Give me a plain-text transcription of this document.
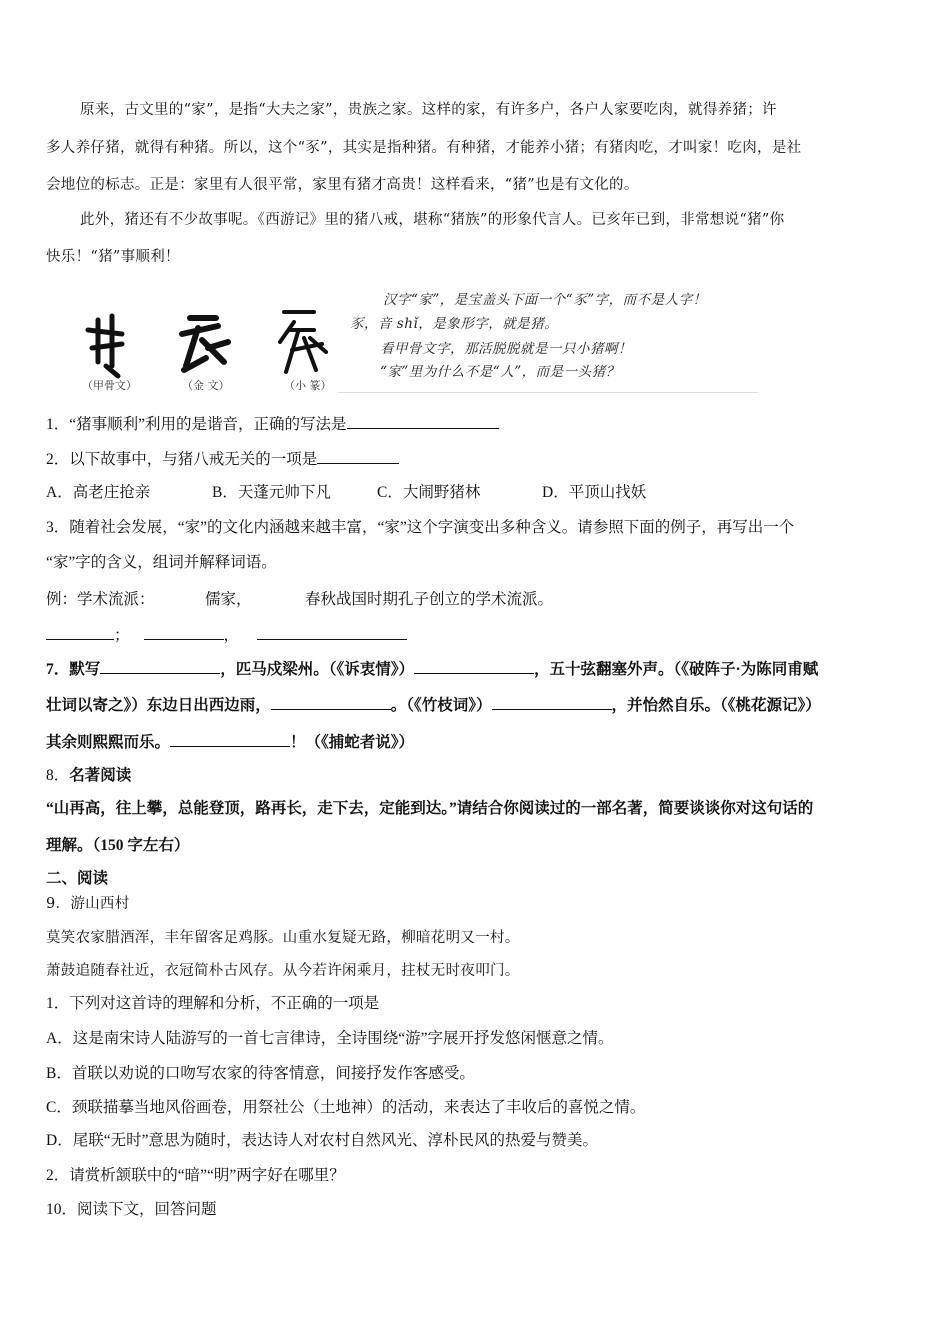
原来，古文里的“家”，是指“大夫之家”，贵族之家。这样的家，有许多户，各户人家要吃肉，就得养猪；许
多人养仔猪，就得有种猪。所以，这个“豕”，其实是指种猪。有种猪，才能养小猪；有猪肉吃，才叫家！吃肉，是社
会地位的标志。正是：家里有人很平常，家里有猪才高贵！这样看来，“猪”也是有文化的。
此外，猪还有不少故事呢。《西游记》里的猪八戒，堪称“猪族”的形象代言人。已亥年已到，非常想说“猪”你
快乐！“猪”事顺利！
（甲骨文）	（金 文）	（小 篆）
汉字“家”，是宝盖头下面一个“豕”字，而不是人字！
豕，音 shǐ，是象形字，就是猪。
看甲骨文字，那活脱脱就是一只小猪啊！
“家”里为什么不是“人”，而是一头猪？
1．“猪事顺利”利用的是谐音，正确的写法是
2．以下故事中，与猪八戒无关的一项是
A．高老庄抢亲	B．天蓬元帅下凡	C．大闹野猪林	D．平顶山找妖
3．随着社会发展，“家”的文化内涵越来越丰富，“家”这个字演变出多种含义。请参照下面的例子，再写出一个
“家”字的含义，组词并解释词语。
例：学术流派：	儒家，	春秋战国时期孔子创立的学术流派。
；	，
7．默写	，匹马戍梁州。（《诉衷情》）	，五十弦翻塞外声。（《破阵子·为陈同甫赋
壮词以寄之》）东边日出西边雨，	。（《竹枝词》）	，并怡然自乐。（《桃花源记》）
其余则熙熙而乐。	！（《捕蛇者说》）
8．名著阅读
“山再高，往上攀，总能登顶，路再长，走下去，定能到达。”请结合你阅读过的一部名著，简要谈谈你对这句话的
理解。（150 字左右）
二、阅读
9．游山西村
莫笑农家腊酒浑，丰年留客足鸡豚。山重水复疑无路，柳暗花明又一村。
萧鼓追随春社近，衣冠简朴古风存。从今若许闲乘月，拄杖无时夜叩门。
1．下列对这首诗的理解和分析，不正确的一项是
A．这是南宋诗人陆游写的一首七言律诗，全诗围绕“游”字展开抒发悠闲惬意之情。
B．首联以劝说的口吻写农家的待客情意，间接抒发作客感受。
C．颈联描摹当地风俗画卷，用祭社公（土地神）的活动，来表达了丰收后的喜悦之情。
D．尾联“无时”意思为随时，表达诗人对农村自然风光、淳朴民风的热爱与赞美。
2．请赏析颔联中的“暗”“明”两字好在哪里？
10．阅读下文，回答问题
